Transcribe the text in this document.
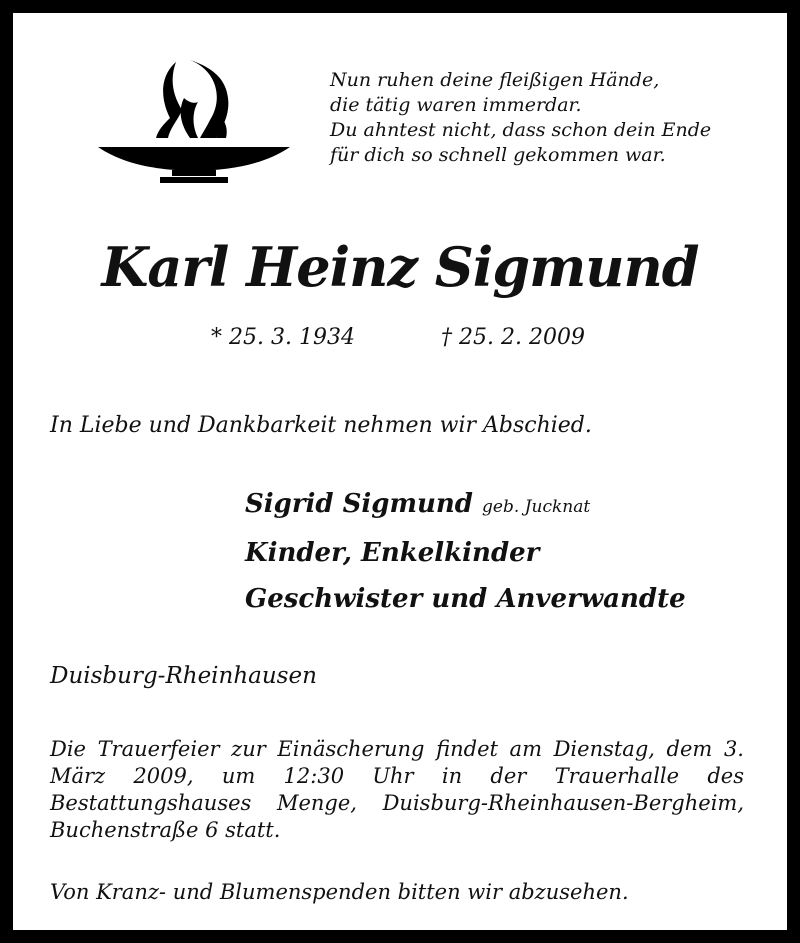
Nun ruhen deine fleißigen Hände,
die tätig waren immerdar.
Du ahntest nicht, dass schon dein Ende
für dich so schnell gekommen war.
Karl Heinz Sigmund
* 25. 3. 1934	† 25. 2. 2009
In Liebe und Dankbarkeit nehmen wir Abschied.
Sigrid Sigmund geb. Jucknat
Kinder, Enkelkinder
Geschwister und Anverwandte
Duisburg-Rheinhausen
Die Trauerfeier zur Einäscherung findet am Dienstag, dem 3. März 2009, um 12:30 Uhr in der Trauerhalle des Bestattungshauses Menge, Duisburg-Rheinhausen-Bergheim, Buchenstraße 6 statt.
Von Kranz- und Blumenspenden bitten wir abzusehen.
